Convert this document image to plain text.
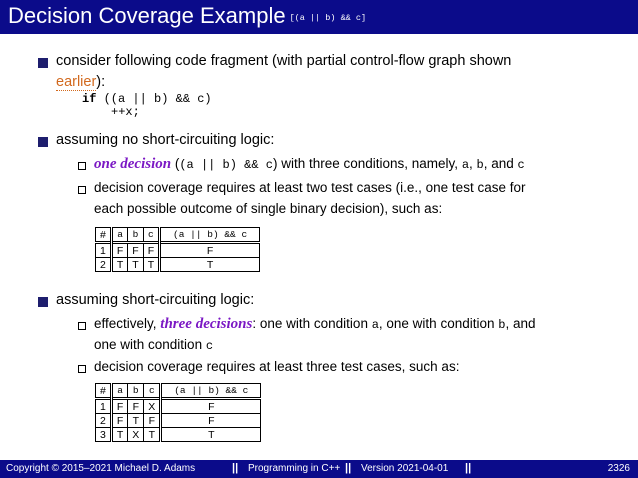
Decision Coverage Example [(a || b) && c]
consider following code fragment (with partial control-flow graph shown
earlier):
if ((a || b) && c)
++x;
assuming no short-circuiting logic:
one decision ((a || b) && c) with three conditions, namely, a, b, and c
decision coverage requires at least two test cases (i.e., one test case for
each possible outcome of single binary decision), such as:
#	a	b	c	(a || b) && c
1	F	F	F	F
2	T	T	T	T
assuming short-circuiting logic:
effectively, three decisions: one with condition a, one with condition b, and
one with condition c
decision coverage requires at least three test cases, such as:
#	a	b	c	(a || b) && c
1	F	F	X	F
2	F	T	F	F
3	T	X	T	T
Copyright © 2015–2021 Michael D. Adams	|| Programming in C++ || Version 2021-04-01 ||	2326
